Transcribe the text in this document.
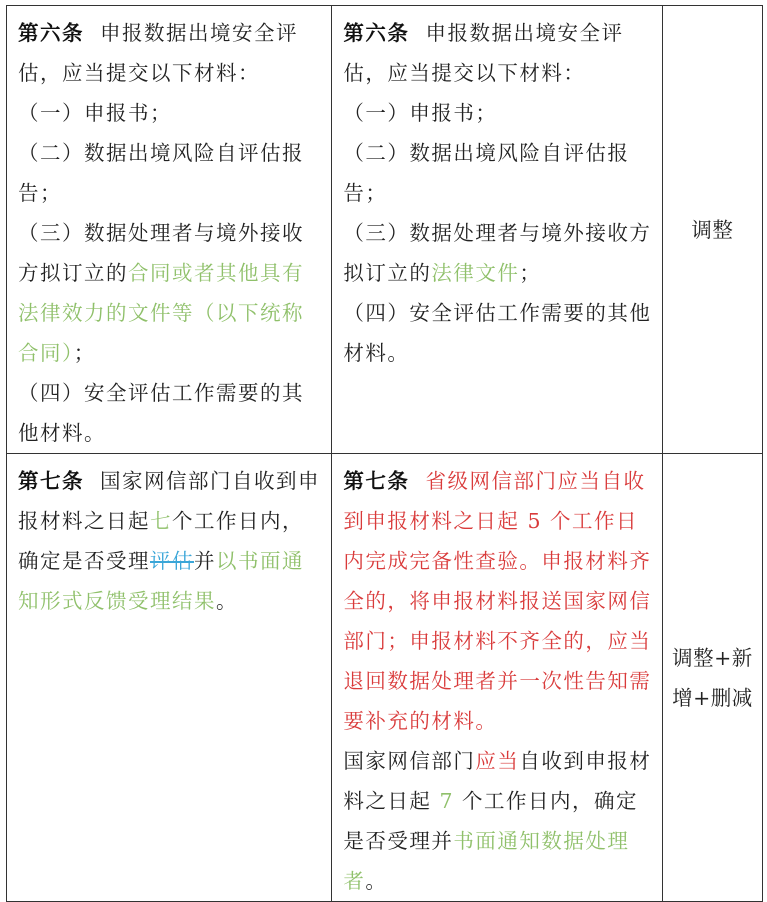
第六条 申报数据出境安全评估，应当提交以下材料：
（一）申报书；
（二）数据出境风险自评估报告；
（三）数据处理者与境外接收方拟订立的合同或者其他具有法律效力的文件等（以下统称合同）；
（四）安全评估工作需要的其他材料。	第六条 申报数据出境安全评估，应当提交以下材料：
（一）申报书；
（二）数据出境风险自评估报告；
（三）数据处理者与境外接收方拟订立的法律文件；
（四）安全评估工作需要的其他材料。	调整
第七条 国家网信部门自收到申报材料之日起七个工作日内，确定是否受理评估并以书面通知形式反馈受理结果。	第七条 省级网信部门应当自收到申报材料之日起 5 个工作日内完成完备性查验。申报材料齐全的，将申报材料报送国家网信部门；申报材料不齐全的，应当退回数据处理者并一次性告知需要补充的材料。
国家网信部门应当自收到申报材料之日起 7 个工作日内，确定是否受理并书面通知数据处理者。	调整+新
增+删减
